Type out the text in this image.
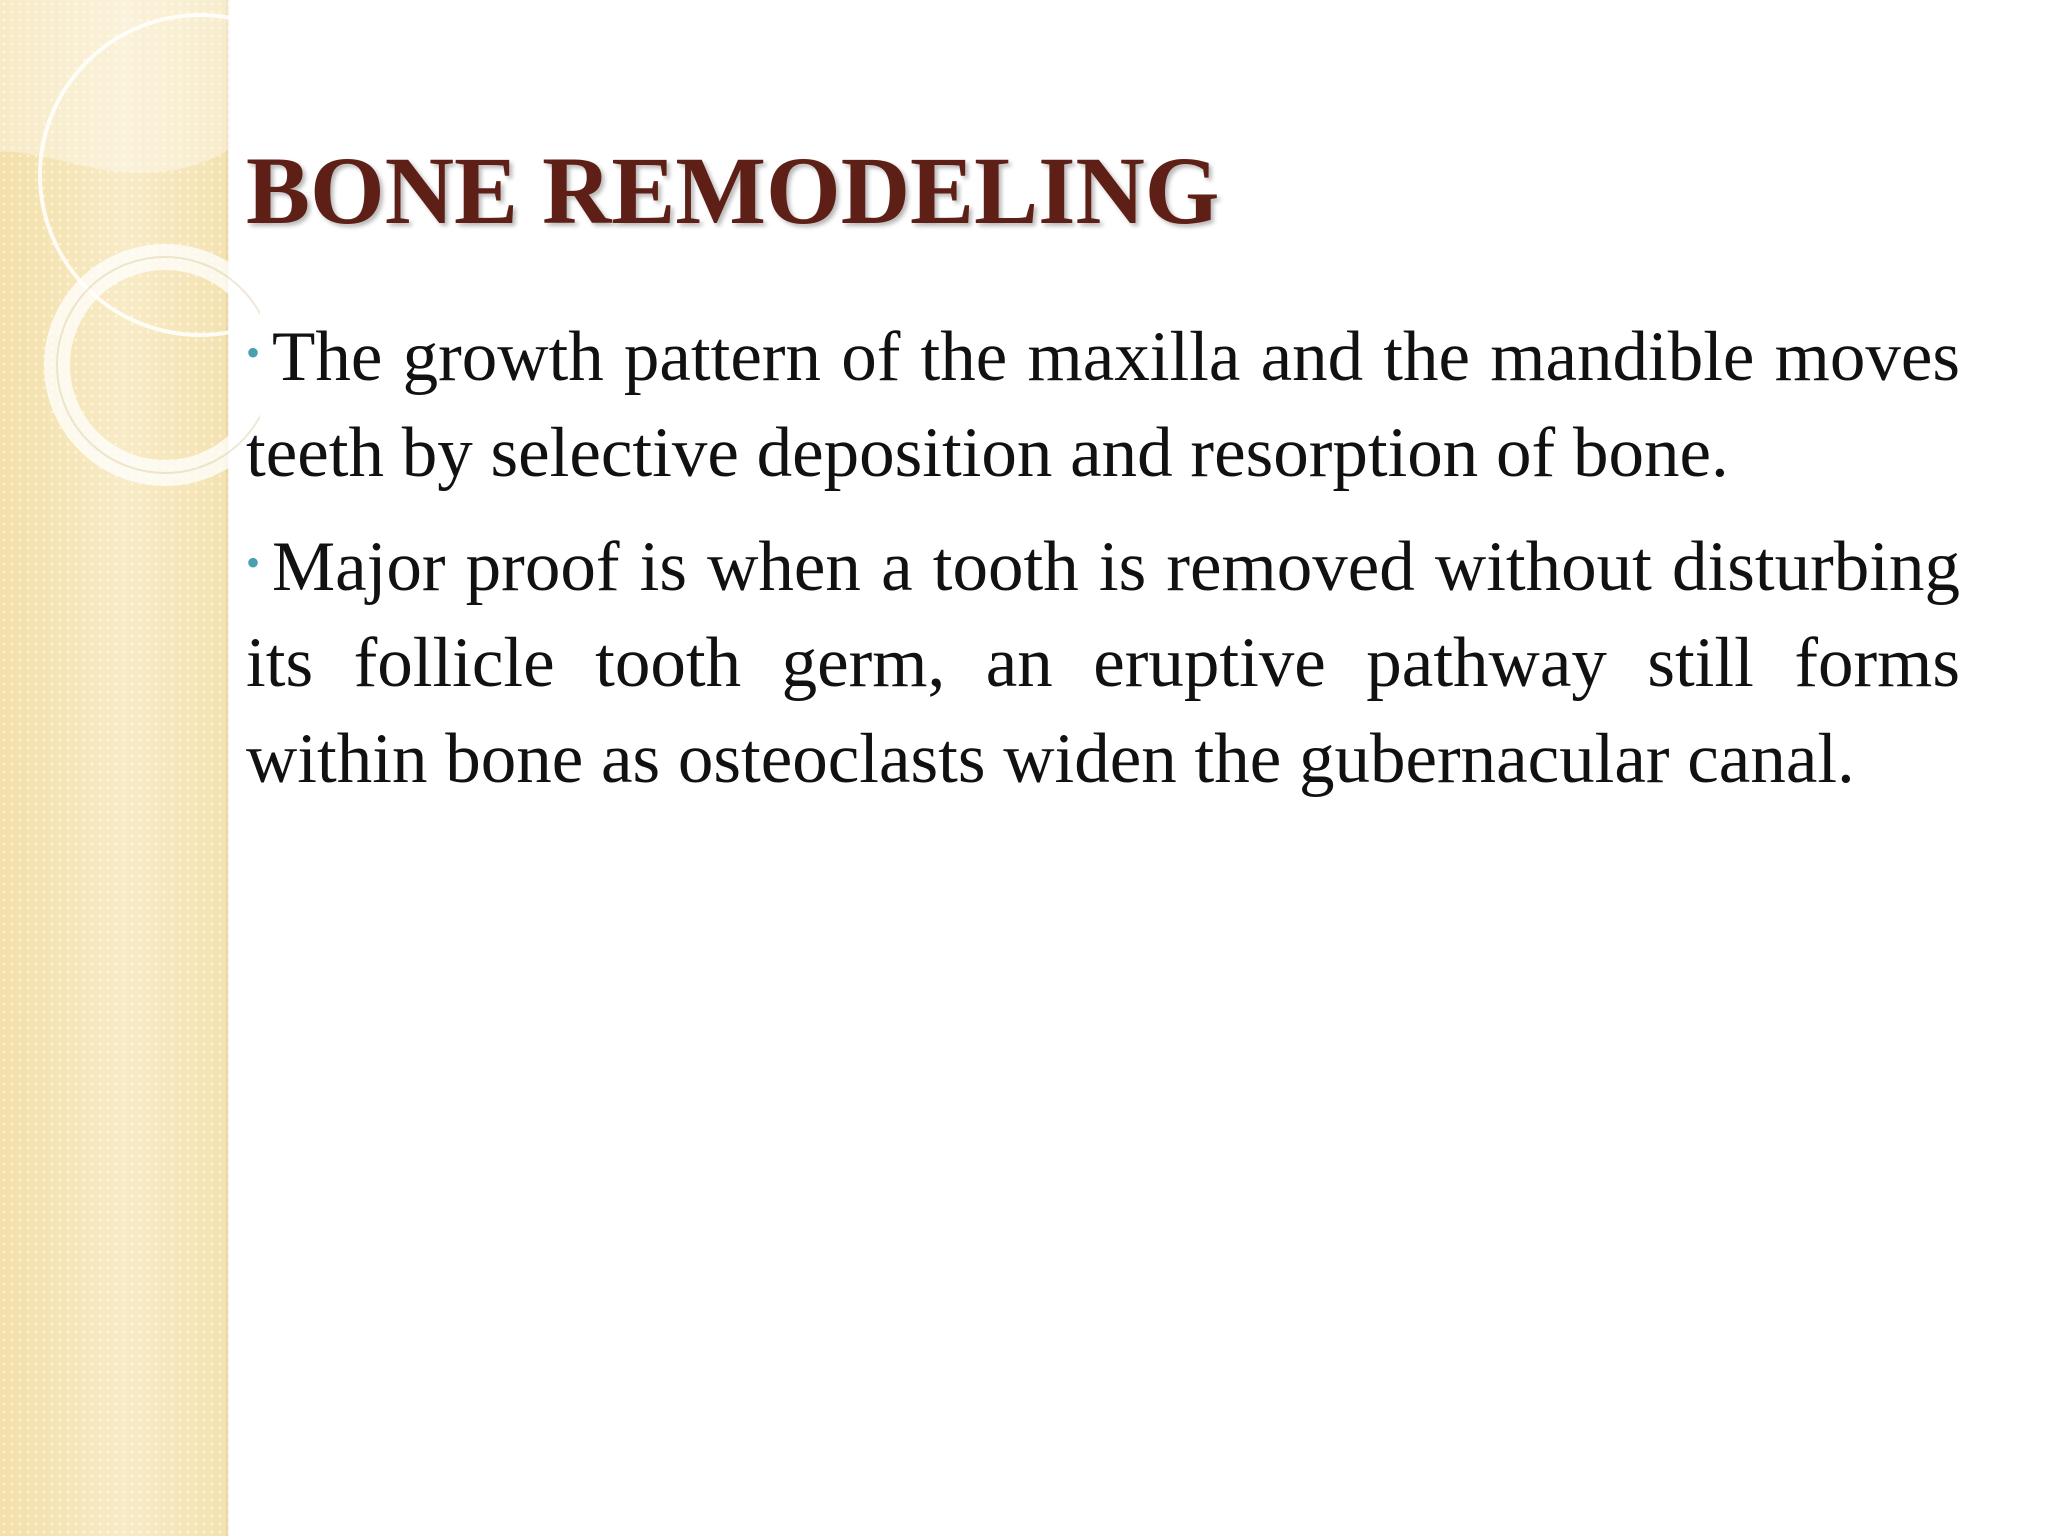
BONE REMODELING

• The growth pattern of the maxilla and the mandible moves teeth by selective deposition and resorption of bone.

• Major proof is when a tooth is removed without disturbing its follicle tooth germ, an eruptive pathway still forms within bone as osteoclasts widen the gubernacular canal.
